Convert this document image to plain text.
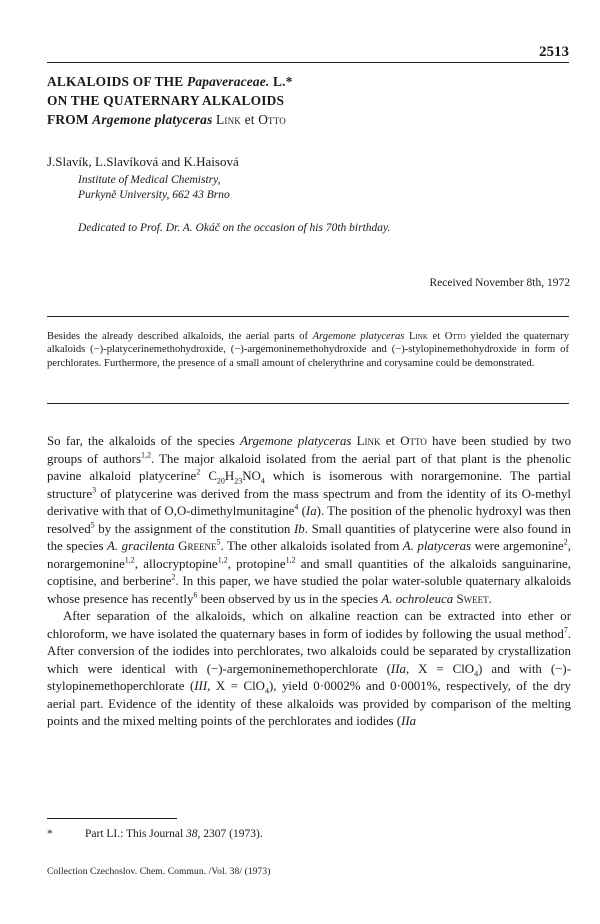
2513
ALKALOIDS OF THE Papaveraceae. L.*
ON THE QUATERNARY ALKALOIDS
FROM Argemone platyceras Link et Otto
J.Slavík, L.Slavíková and K.Haisová
Institute of Medical Chemistry,
Purkyně University, 662 43 Brno
Dedicated to Prof. Dr. A. Okáč on the occasion of his 70th birthday.
Received November 8th, 1972
Besides the already described alkaloids, the aerial parts of Argemone platyceras Link et Otto yielded the quaternary alkaloids (−)-platycerinemethohydroxide, (−)-argemoninemethohydroxide and (−)-stylopinemethohydroxide in form of perchlorates. Furthermore, the presence of a small amount of chelerythrine and corysamine could be demonstrated.

So far, the alkaloids of the species Argemone platyceras Link et Otto have been studied by two groups of authors$^{1,2}$. The major alkaloid isolated from the aerial part of that plant is the phenolic pavine alkaloid platycerine$^2$ $C_{20}H_{23}NO_4$ which is isomerous with norargemonine. The partial structure$^3$ of platycerine was derived from the mass spectrum and from the identity of its O-methyl derivative with that of O,O-dimethylmunitagine$^4$ (Ia). The position of the phenolic hydroxyl was then resolved$^5$ by the assignment of the constitution Ib. Small quantities of platycerine were also found in the species A. gracilenta Greene$^5$. The other alkaloids isolated from A. platyceras were argemonine$^2$, norargemonine$^{1,2}$, allocryptopine$^{1,2}$, protopine$^{1,2}$ and small quantities of the alkaloids sanguinarine, coptisine, and berberine$^2$. In this paper, we have studied the polar water-soluble quaternary alkaloids whose presence has recently$^6$ been observed by us in the species A. ochroleuca Sweet.

After separation of the alkaloids, which on alkaline reaction can be extracted into ether or chloroform, we have isolated the quaternary bases in form of iodides by following the usual method$^7$. After conversion of the iodides into perchlorates, two alkaloids could be separated by crystallization which were identical with (−)-argemoninemethoperchlorate (IIa, X = ClO$_4$) and with (−)-stylopinemethoperchlorate (III, X = ClO$_4$), yield 0·0002% and 0·0001%, respectively, of the dry aerial part. Evidence of the identity of these alkaloids was provided by comparison of the melting points and the mixed melting points of the perchlorates and iodides (IIa

*	Part LI.: This Journal 38, 2307 (1973).
Collection Czechoslov. Chem. Commun. /Vol. 38/ (1973)
